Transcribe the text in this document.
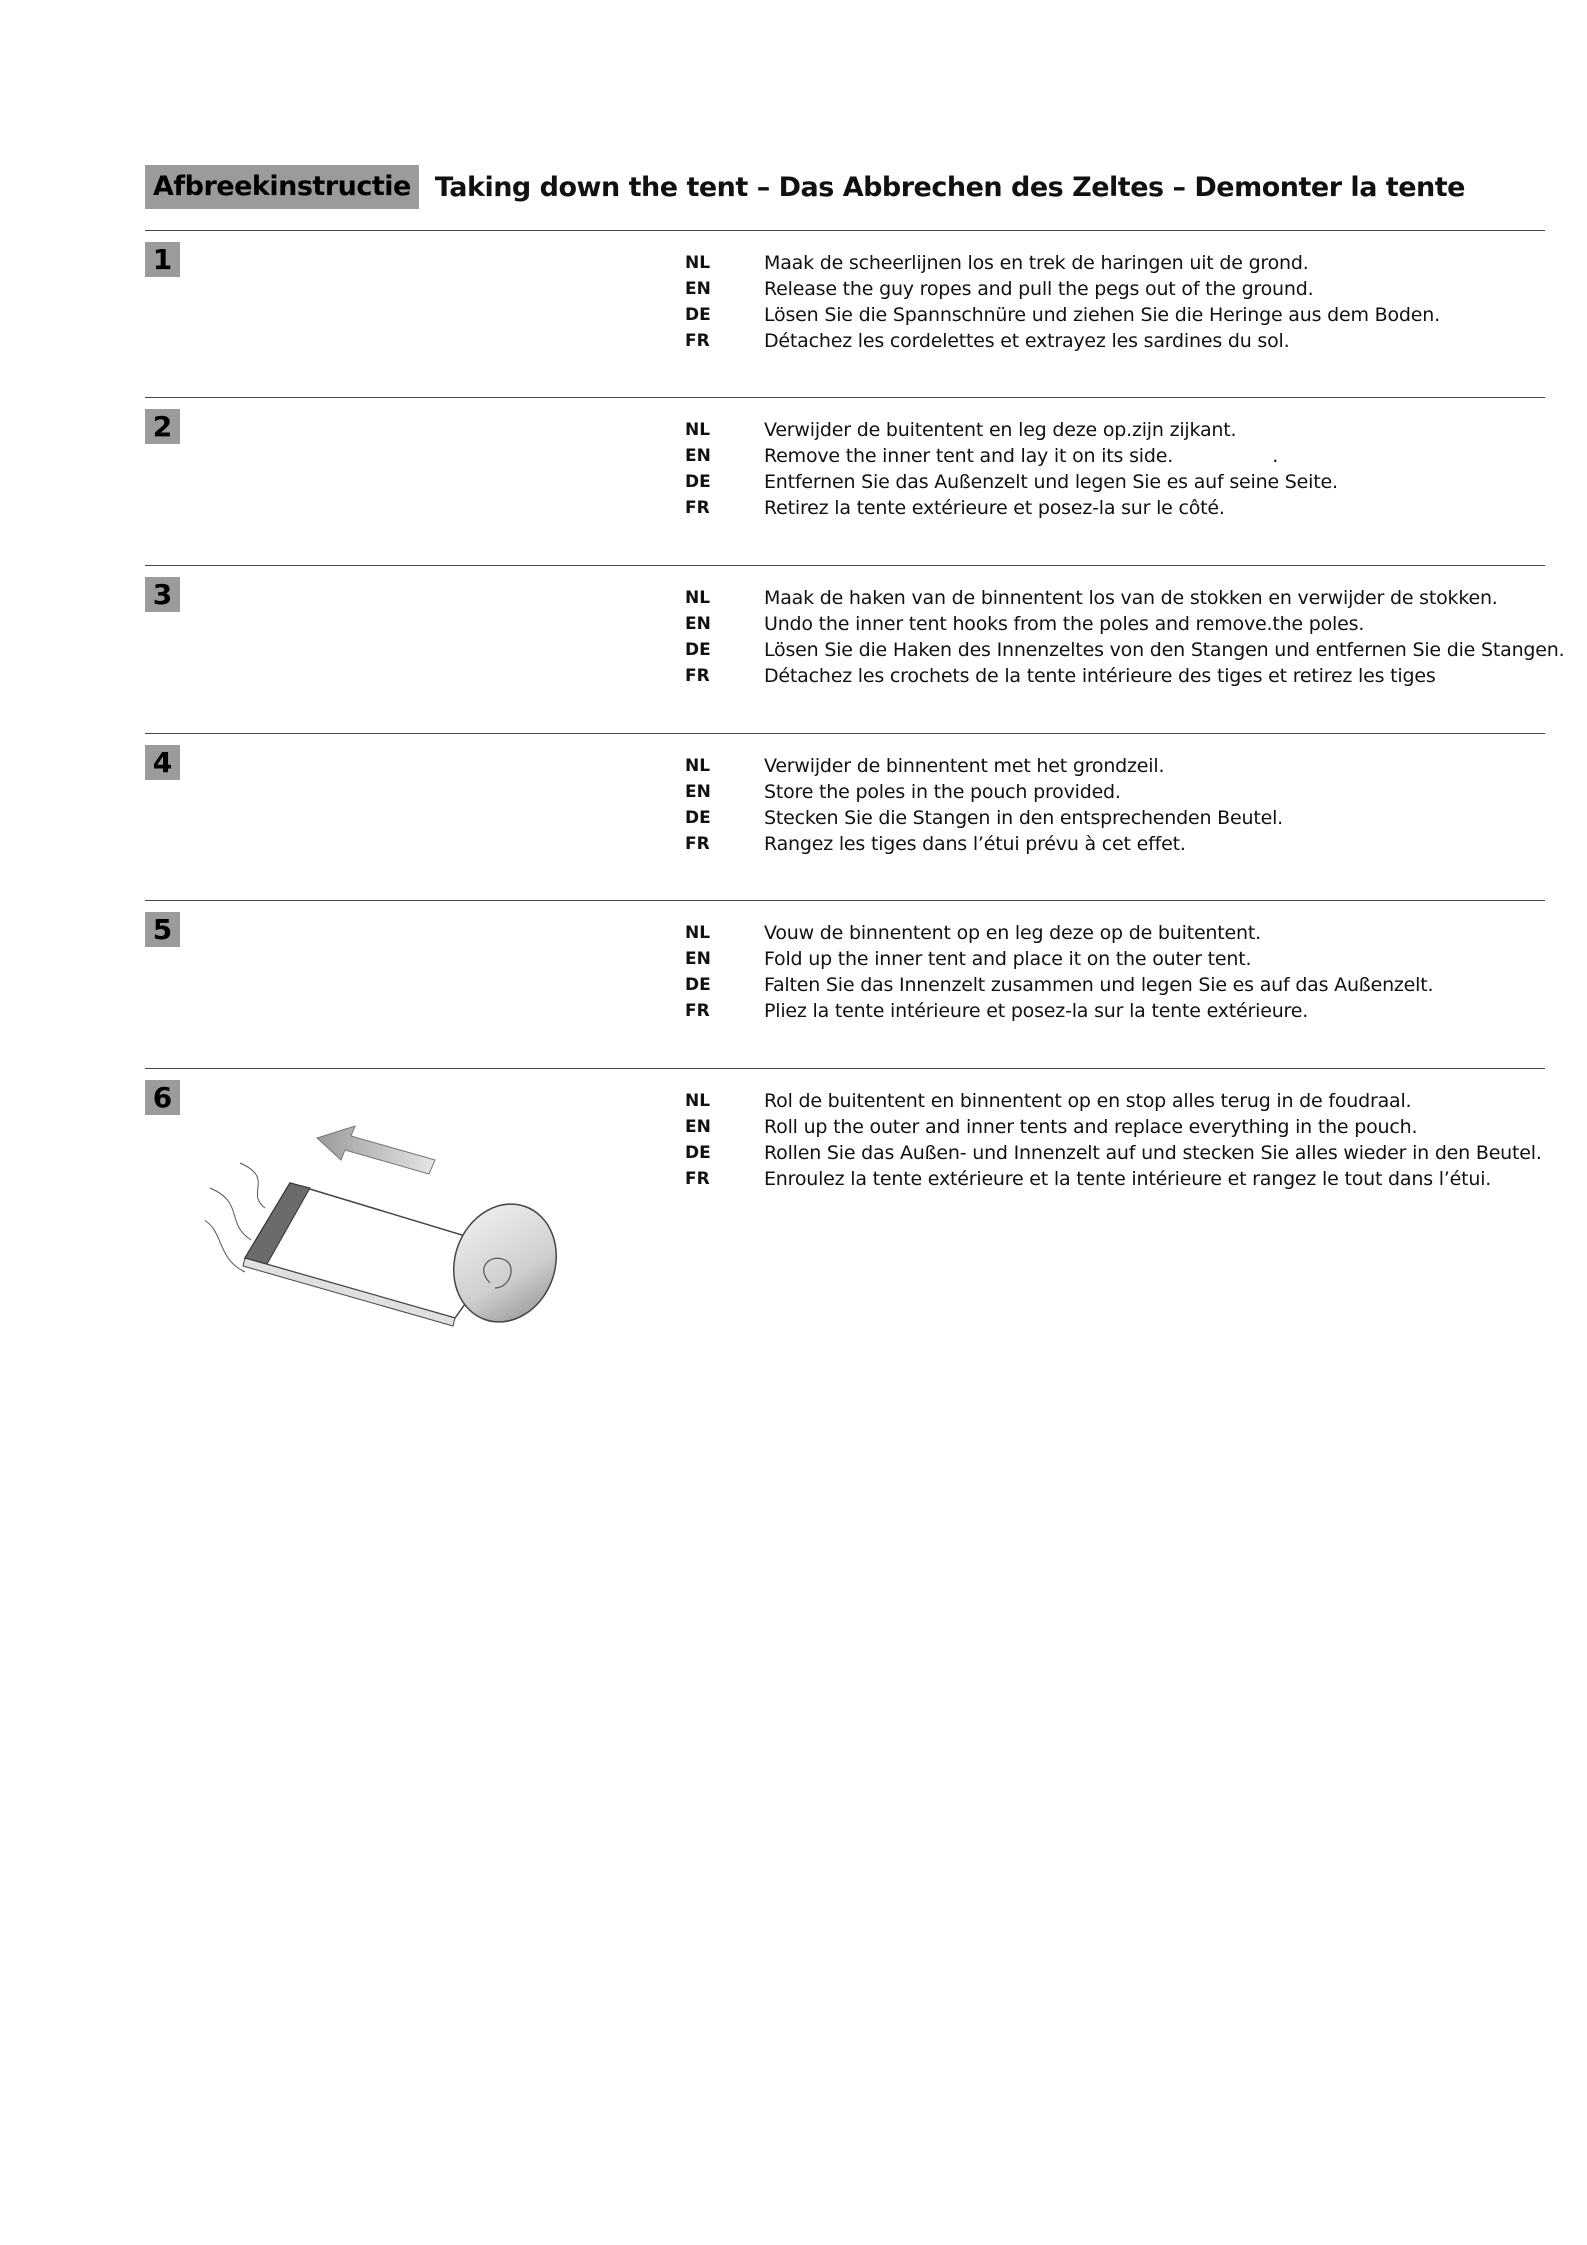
Afbreekinstructie Taking down the tent – Das Abbrechen des Zeltes – Demonter la tente
1	NL	Maak de scheerlijnen los en trek de haringen uit de grond.
EN	Release the guy ropes and pull the pegs out of the ground.
DE	Lösen Sie die Spannschnüre und ziehen Sie die Heringe aus dem Boden.
FR	Détachez les cordelettes et extrayez les sardines du sol.
2	NL	Verwijder de buitentent en leg deze op.zijn zijkant.
EN	Remove the inner tent and lay it on its side.                 .
DE	Entfernen Sie das Außenzelt und legen Sie es auf seine Seite.
FR	Retirez la tente extérieure et posez-la sur le côté.
3	NL	Maak de haken van de binnentent los van de stokken en verwijder de stokken.
EN	Undo the inner tent hooks from the poles and remove.the poles.
DE	Lösen Sie die Haken des Innenzeltes von den Stangen und entfernen Sie die Stangen.
FR	Détachez les crochets de la tente intérieure des tiges et retirez les tiges
4	NL	Verwijder de binnentent met het grondzeil.
EN	Store the poles in the pouch provided.
DE	Stecken Sie die Stangen in den entsprechenden Beutel.
FR	Rangez les tiges dans l’étui prévu à cet effet.
5	NL	Vouw de binnentent op en leg deze op de buitentent.
EN	Fold up the inner tent and place it on the outer tent.
DE	Falten Sie das Innenzelt zusammen und legen Sie es auf das Außenzelt.
FR	Pliez la tente intérieure et posez-la sur la tente extérieure.
6	NL	Rol de buitentent en binnentent op en stop alles terug in de foudraal.
EN	Roll up the outer and inner tents and replace everything in the pouch.
DE	Rollen Sie das Außen- und Innenzelt auf und stecken Sie alles wieder in den Beutel.
FR	Enroulez la tente extérieure et la tente intérieure et rangez le tout dans l’étui.
